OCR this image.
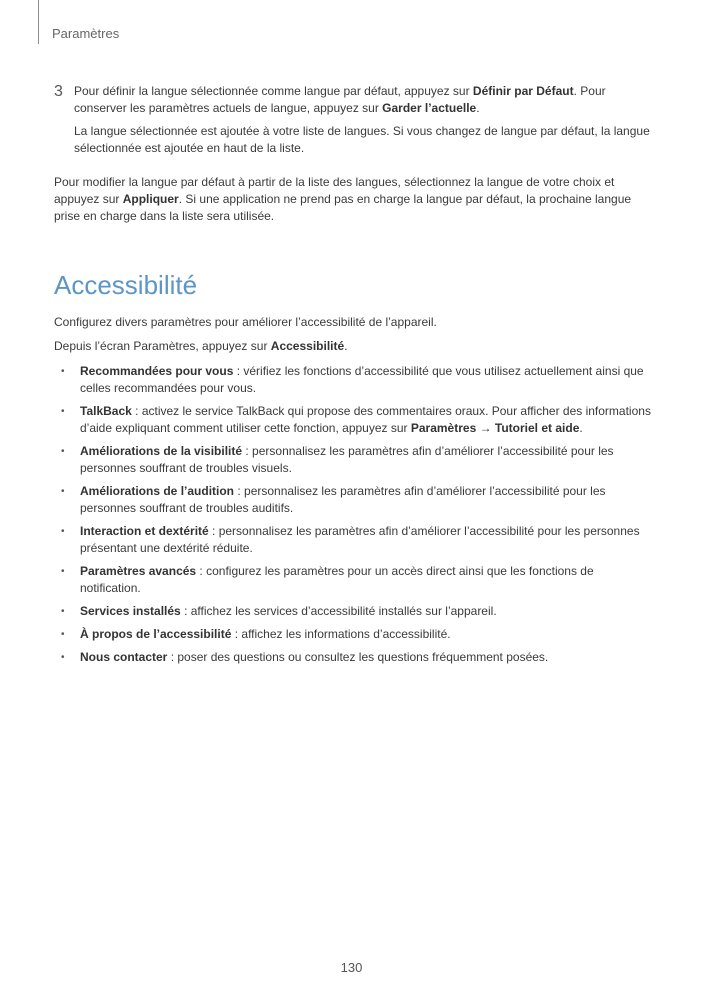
Paramètres
3 Pour définir la langue sélectionnée comme langue par défaut, appuyez sur Définir par Défaut. Pour conserver les paramètres actuels de langue, appuyez sur Garder l’actuelle.

La langue sélectionnée est ajoutée à votre liste de langues. Si vous changez de langue par défaut, la langue sélectionnée est ajoutée en haut de la liste.

Pour modifier la langue par défaut à partir de la liste des langues, sélectionnez la langue de votre choix et appuyez sur Appliquer. Si une application ne prend pas en charge la langue par défaut, la prochaine langue prise en charge dans la liste sera utilisée.

Accessibilité

Configurez divers paramètres pour améliorer l’accessibilité de l’appareil.

Depuis l’écran Paramètres, appuyez sur Accessibilité.

• Recommandées pour vous : vérifiez les fonctions d’accessibilité que vous utilisez actuellement ainsi que celles recommandées pour vous.
• TalkBack : activez le service TalkBack qui propose des commentaires oraux. Pour afficher des informations d’aide expliquant comment utiliser cette fonction, appuyez sur Paramètres → Tutoriel et aide.
• Améliorations de la visibilité : personnalisez les paramètres afin d’améliorer l’accessibilité pour les personnes souffrant de troubles visuels.
• Améliorations de l’audition : personnalisez les paramètres afin d’améliorer l’accessibilité pour les personnes souffrant de troubles auditifs.
• Interaction et dextérité : personnalisez les paramètres afin d’améliorer l’accessibilité pour les personnes présentant une dextérité réduite.
• Paramètres avancés : configurez les paramètres pour un accès direct ainsi que les fonctions de notification.
• Services installés : affichez les services d’accessibilité installés sur l’appareil.
• À propos de l’accessibilité : affichez les informations d’accessibilité.
• Nous contacter : poser des questions ou consultez les questions fréquemment posées.
130
